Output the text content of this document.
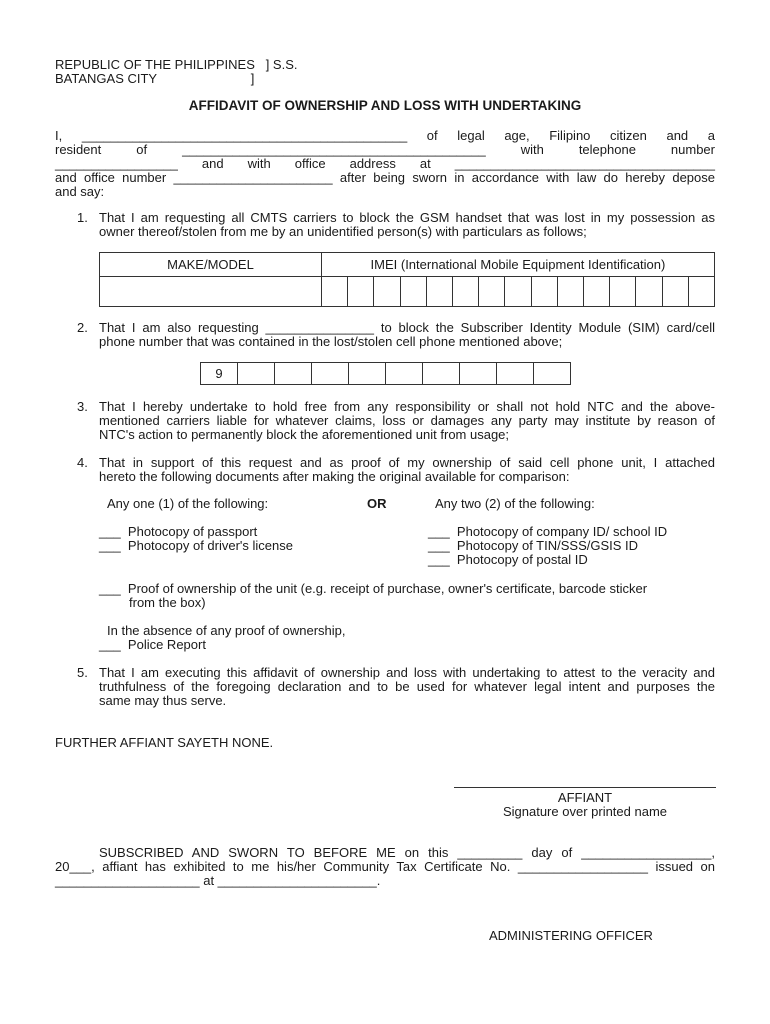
REPUBLIC OF THE PHILIPPINES   ] S.S.
BATANGAS CITY                          ]
AFFIDAVIT OF OWNERSHIP AND LOSS WITH UNDERTAKING
I, _____________________________________________ of legal age, Filipino citizen and a
resident of __________________________________________ with telephone number
_________________ and with office address at ____________________________________
and office number ______________________ after being sworn in accordance with law do hereby depose
and say:
1. That I am requesting all CMTS carriers to block the GSM handset that was lost in my possession as
owner thereof/stolen from me by an unidentified person(s) with particulars as follows;
MAKE/MODEL	IMEI (International Mobile Equipment Identification)														

2. That I am also requesting _______________ to block the Subscriber Identity Module (SIM) card/cell
phone number that was contained in the lost/stolen cell phone mentioned above;
9									
3. That I hereby undertake to hold free from any responsibility or shall not hold NTC and the above-
mentioned carriers liable for whatever claims, loss or damages any party may institute by reason of
NTC's action to permanently block the aforementioned unit from usage;
4. That in support of this request and as proof of my ownership of said cell phone unit, I attached
hereto the following documents after making the original available for comparison:
Any one (1) of the following:	OR	Any two (2) of the following:
___  Photocopy of passport
___  Photocopy of driver's license
___  Photocopy of company ID/ school ID
___  Photocopy of TIN/SSS/GSIS ID
___  Photocopy of postal ID
___  Proof of ownership of the unit (e.g. receipt of purchase, owner's certificate, barcode sticker
from the box)
In the absence of any proof of ownership,
___  Police Report
5. That I am executing this affidavit of ownership and loss with undertaking to attest to the veracity and
truthfulness of the foregoing declaration and to be used for whatever legal intent and purposes the
same may thus serve.
FURTHER AFFIANT SAYETH NONE.
AFFIANT
Signature over printed name
SUBSCRIBED AND SWORN TO BEFORE ME on this _________ day of __________________,
20___, affiant has exhibited to me his/her Community Tax Certificate No. __________________ issued on
____________________ at ______________________.
ADMINISTERING OFFICER
